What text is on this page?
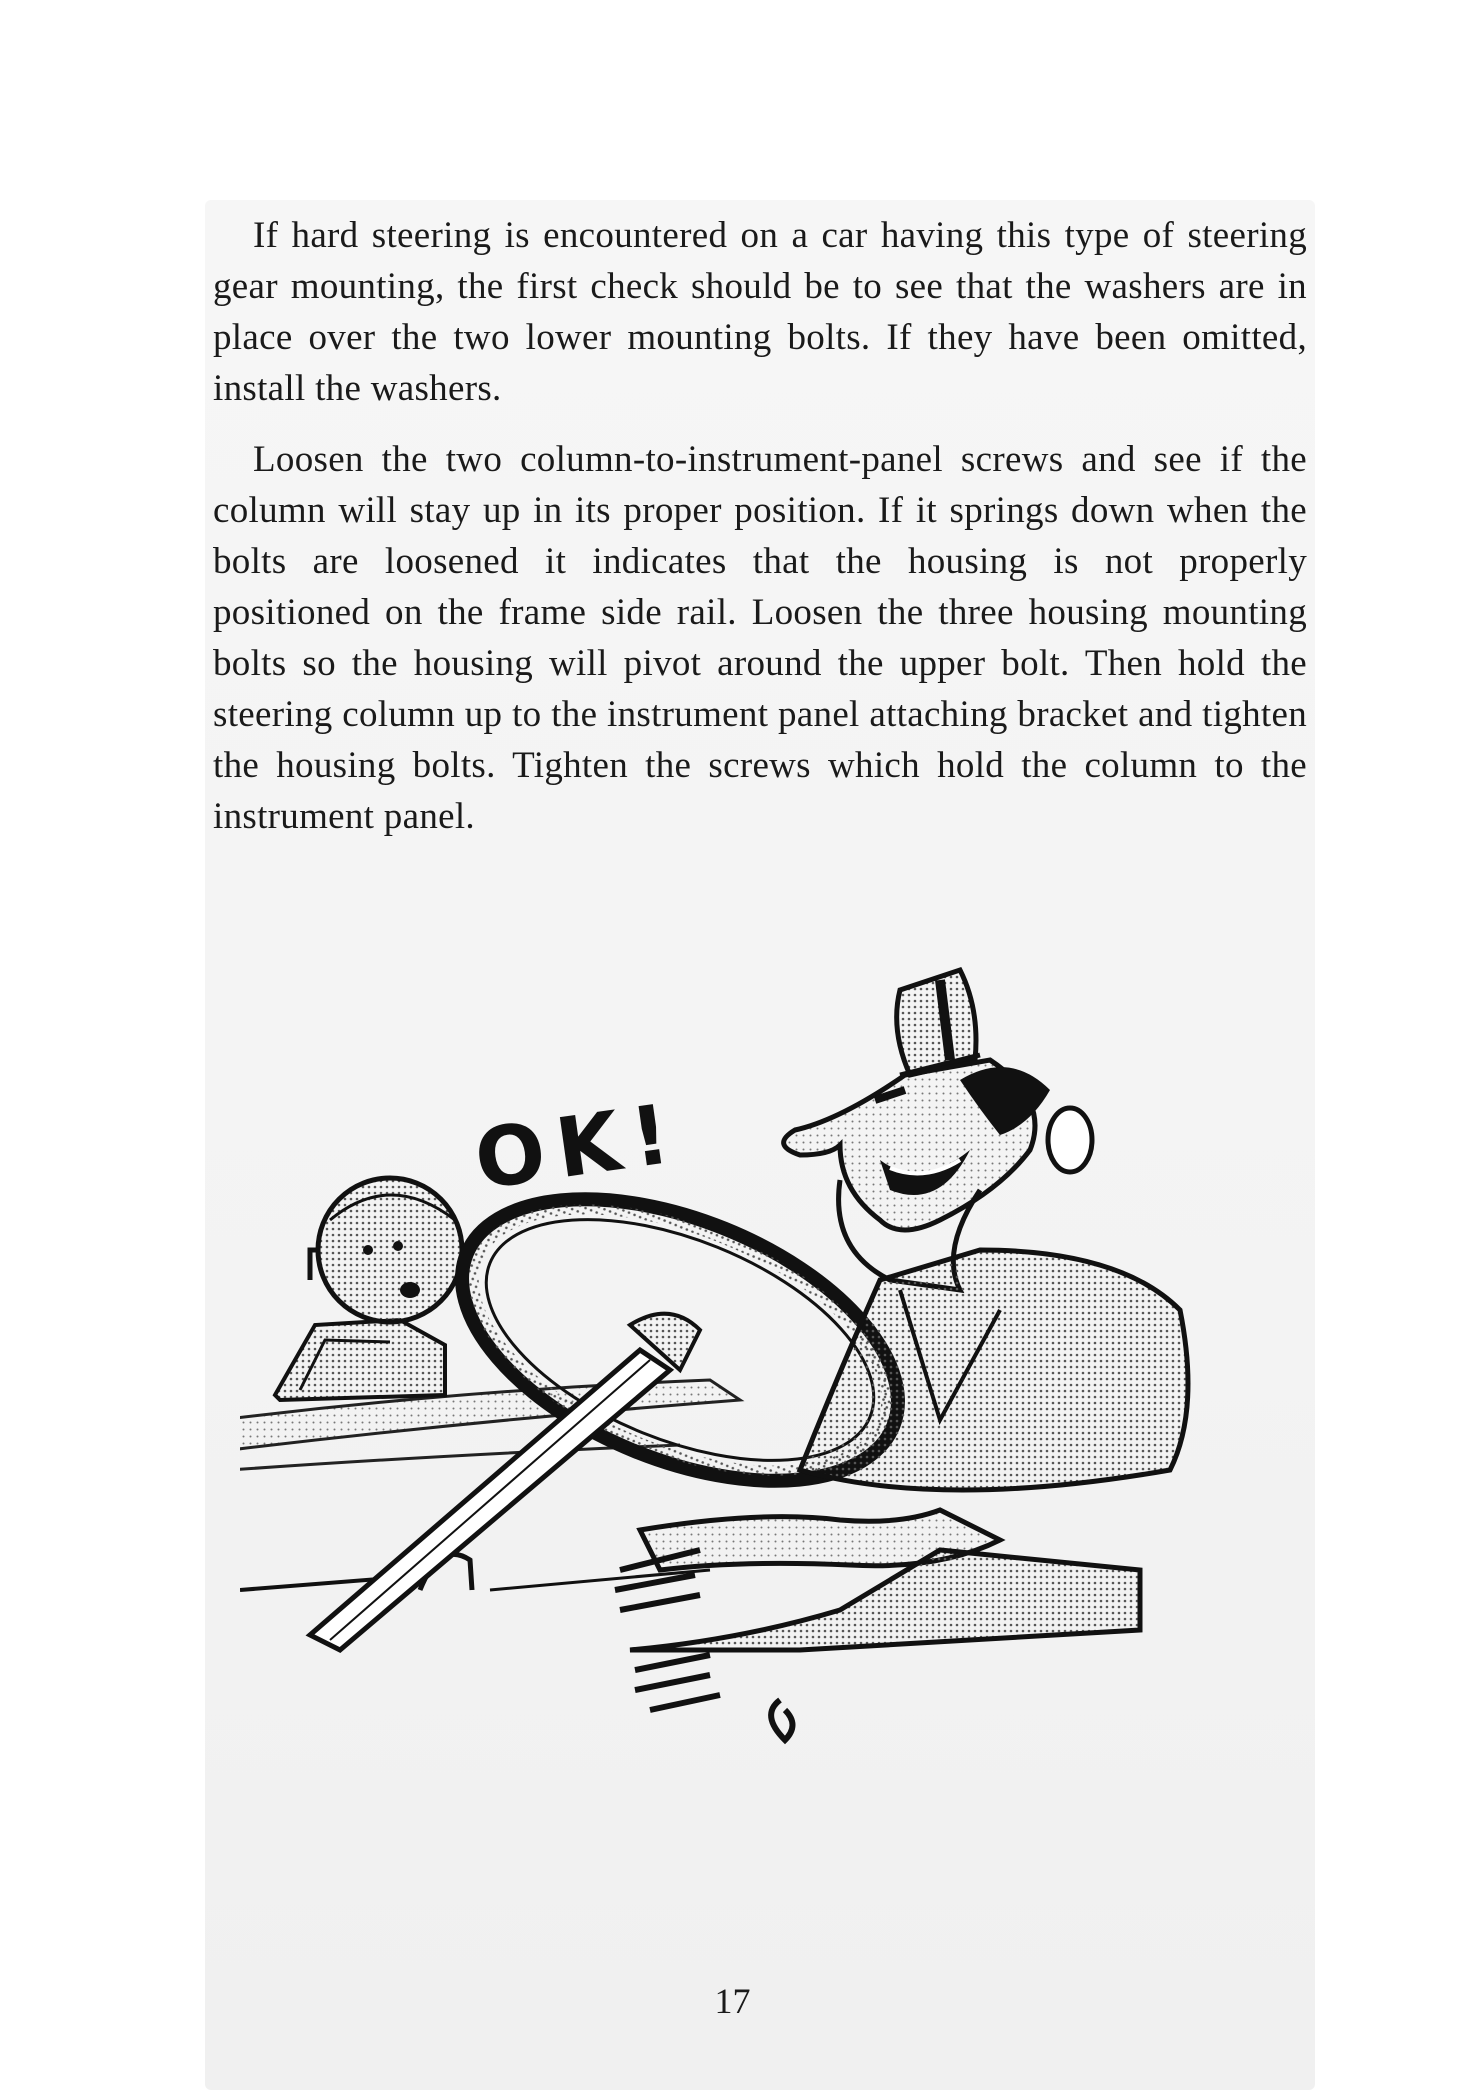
If hard steering is encountered on a car having this type of steering gear mounting, the first check should be to see that the washers are in place over the two lower mounting bolts. If they have been omitted, install the washers.

Loosen the two column-to-instrument-panel screws and see if the column will stay up in its proper position. If it springs down when the bolts are loosened it indicates that the housing is not properly positioned on the frame side rail. Loosen the three housing mounting bolts so the housing will pivot around the upper bolt. Then hold the steering column up to the instrument panel attaching bracket and tighten the housing bolts. Tighten the screws which hold the column to the instrument panel.

OK!
17
